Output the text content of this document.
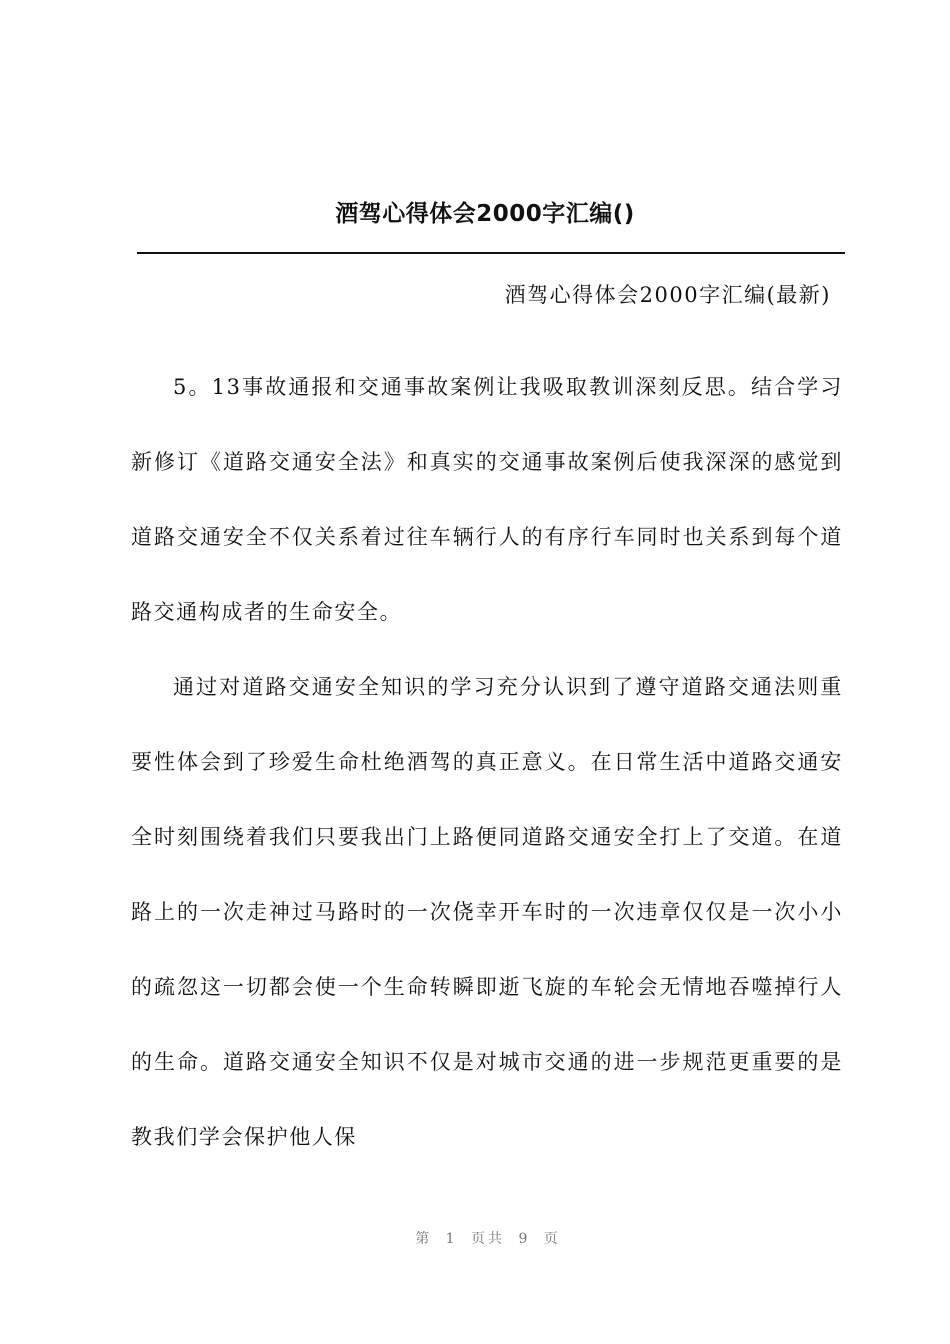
酒驾心得体会2000字汇编()
酒驾心得体会2000字汇编(最新)

5。13事故通报和交通事故案例让我吸取教训深刻反思。结合学习新修订《道路交通安全法》和真实的交通事故案例后使我深深的感觉到道路交通安全不仅关系着过往车辆行人的有序行车同时也关系到每个道路交通构成者的生命安全。

通过对道路交通安全知识的学习充分认识到了遵守道路交通法则重要性体会到了珍爱生命杜绝酒驾的真正意义。在日常生活中道路交通安全时刻围绕着我们只要我出门上路便同道路交通安全打上了交道。在道路上的一次走神过马路时的一次侥幸开车时的一次违章仅仅是一次小小的疏忽这一切都会使一个生命转瞬即逝飞旋的车轮会无情地吞噬掉行人的生命。道路交通安全知识不仅是对城市交通的进一步规范更重要的是教我们学会保护他人保

第 1 页共 9 页
